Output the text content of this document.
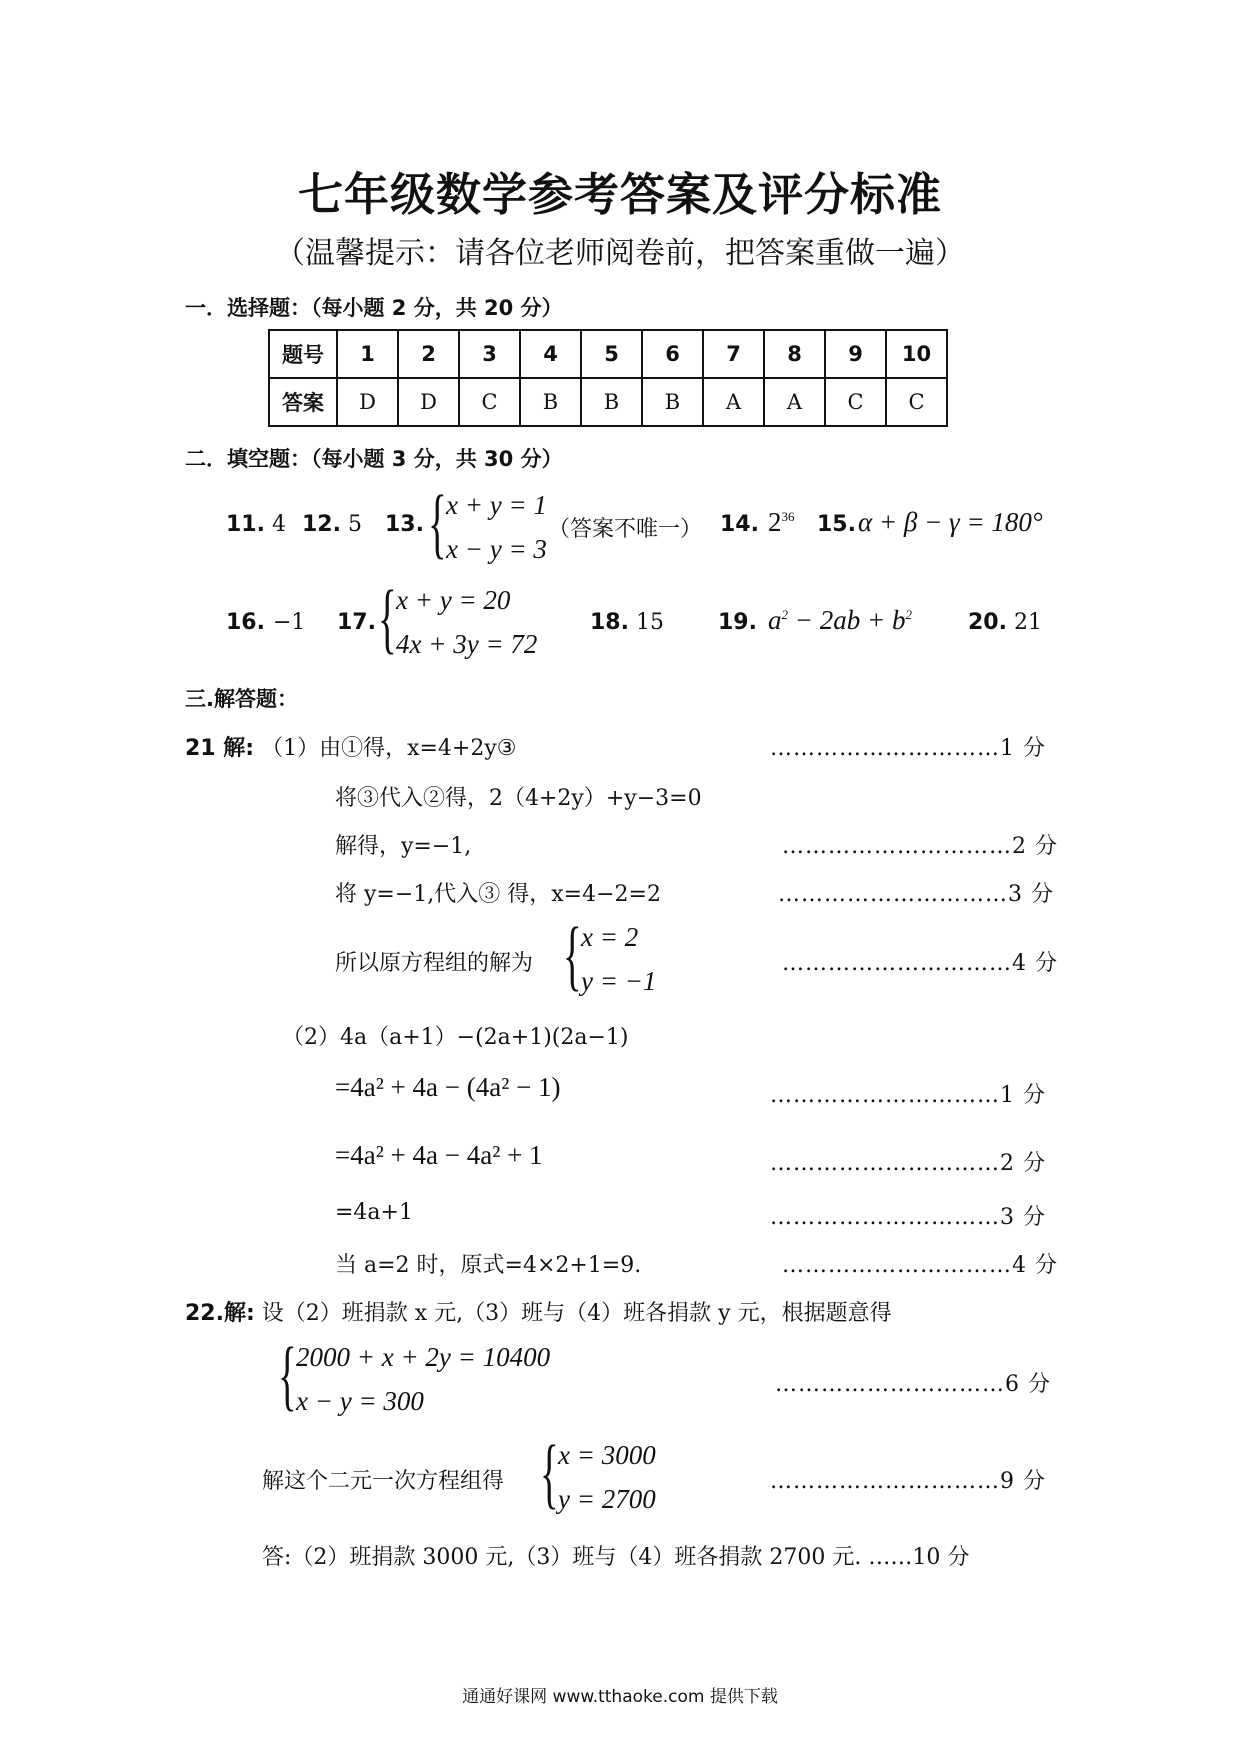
七年级数学参考答案及评分标准
（温馨提示：请各位老师阅卷前，把答案重做一遍）
一．选择题：（每小题 2 分，共 20 分）
题号	1	2	3	4	5	6	7	8	9	10
答案	D	D	C	B	B	B	A	A	C	C
二．填空题：（每小题 3 分，共 30 分）
11. 4 12. 5 13. { x + y = 1
x − y = 3
（答案不唯一） 14. $2^{36}$ 15. α + β − γ = 180°
16. −1 17. { x + y = 20
4x + 3y = 72
18. 15 19. $a^2 - 2ab + b^2$	20. 21
三.解答题：
21 解: （1）由①得，x=4+2y③	…………………………1 分
将③代入②得，2（4+2y）+y−3=0
解得，y=−1,	…………………………2 分
将 y=−1,代入③ 得，x=4−2=2	…………………………3 分
所以原方程组的解为 { x = 2
y = −1
…………………………4 分
（2）4a（a+1）−(2a+1)(2a−1)
=4a² + 4a − (4a² − 1)	…………………………1 分
=4a² + 4a − 4a² + 1	…………………………2 分
=4a+1	…………………………3 分
当 a=2 时，原式=4×2+1=9.	…………………………4 分
22.解: 设（2）班捐款 x 元,（3）班与（4）班各捐款 y 元，根据题意得
{ 2000 + x + 2y = 10400
x − y = 300
…………………………6 分
解这个二元一次方程组得 { x = 3000
y = 2700
…………………………9 分
答:（2）班捐款 3000 元,（3）班与（4）班各捐款 2700 元. ……10 分
通通好课网 www.tthaoke.com 提供下载
